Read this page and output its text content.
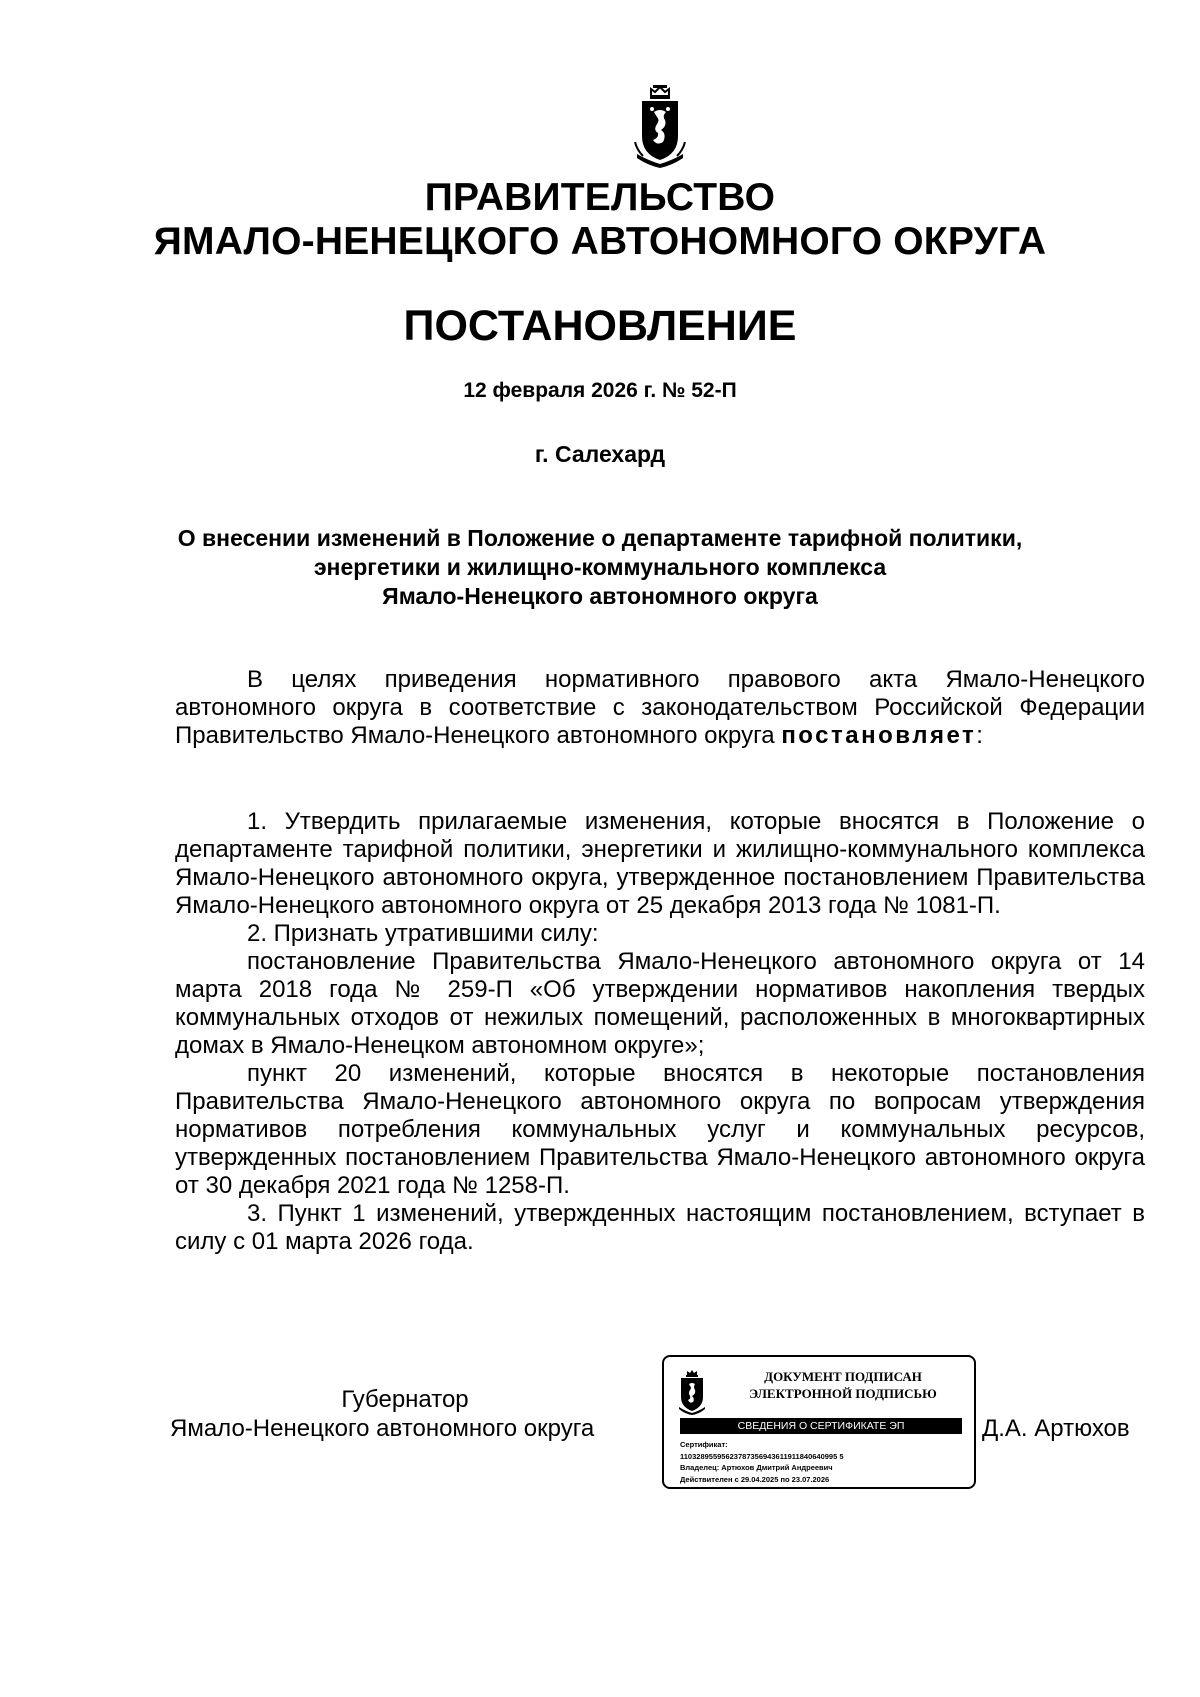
ПРАВИТЕЛЬСТВО
ЯМАЛО-НЕНЕЦКОГО АВТОНОМНОГО ОКРУГА
ПОСТАНОВЛЕНИЕ
12 февраля 2026 г. № 52-П
г. Салехард
О внесении изменений в Положение о департаменте тарифной политики,
энергетики и жилищно-коммунального комплекса
Ямало-Ненецкого автономного округа

В целях приведения нормативного правового акта Ямало-Ненецкого автономного округа в соответствие с законодательством Российской Федерации Правительство Ямало-Ненецкого автономного округа постановляет:

1. Утвердить прилагаемые изменения, которые вносятся в Положение о департаменте тарифной политики, энергетики и жилищно-коммунального комплекса Ямало-Ненецкого автономного округа, утвержденное постановлением Правительства Ямало-Ненецкого автономного округа от 25 декабря 2013 года № 1081-П.

2. Признать утратившими силу:

постановление Правительства Ямало-Ненецкого автономного округа от 14 марта 2018 года № 259-П «Об утверждении нормативов накопления твердых коммунальных отходов от нежилых помещений, расположенных в многоквартирных домах в Ямало-Ненецком автономном округе»;

пункт 20 изменений, которые вносятся в некоторые постановления Правительства Ямало-Ненецкого автономного округа по вопросам утверждения нормативов потребления коммунальных услуг и коммунальных ресурсов, утвержденных постановлением Правительства Ямало-Ненецкого автономного округа от 30 декабря 2021 года № 1258-П.

3. Пункт 1 изменений, утвержденных настоящим постановлением, вступает в силу с 01 марта 2026 года.

Губернатор
Ямало-Ненецкого автономного округа
ДОКУМЕНТ ПОДПИСАН
ЭЛЕКТРОННОЙ ПОДПИСЬЮ
СВЕДЕНИЯ О СЕРТИФИКАТЕ ЭП
Сертификат:
11032895595623787356943611911840640995 5
Владелец: Артюхов Дмитрий Андреевич
Действителен с 29.04.2025 по 23.07.2026
Д.А. Артюхов
